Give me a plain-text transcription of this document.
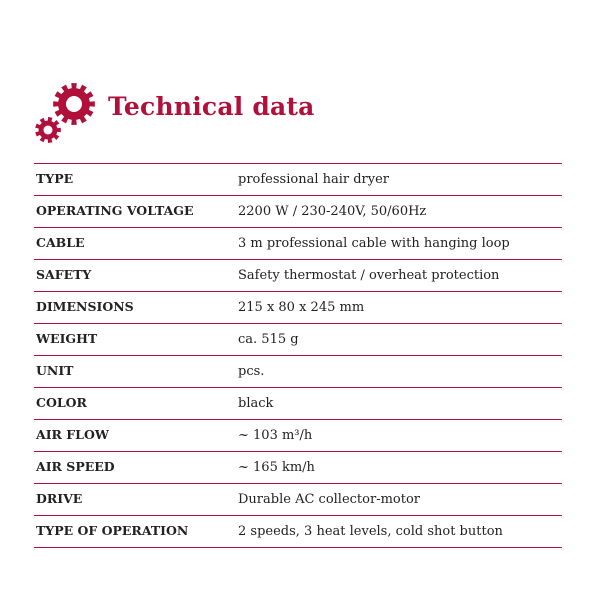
Technical data
TYPE	professional hair dryer
OPERATING VOLTAGE	2200 W / 230-240V, 50/60Hz
CABLE	3 m professional cable with hanging loop
SAFETY	Safety thermostat / overheat protection
DIMENSIONS	215 x 80 x 245 mm
WEIGHT	ca. 515 g
UNIT	pcs.
COLOR	black
AIR FLOW	~ 103 m³/h
AIR SPEED	~ 165 km/h
DRIVE	Durable AC collector-motor
TYPE OF OPERATION	2 speeds, 3 heat levels, cold shot button
